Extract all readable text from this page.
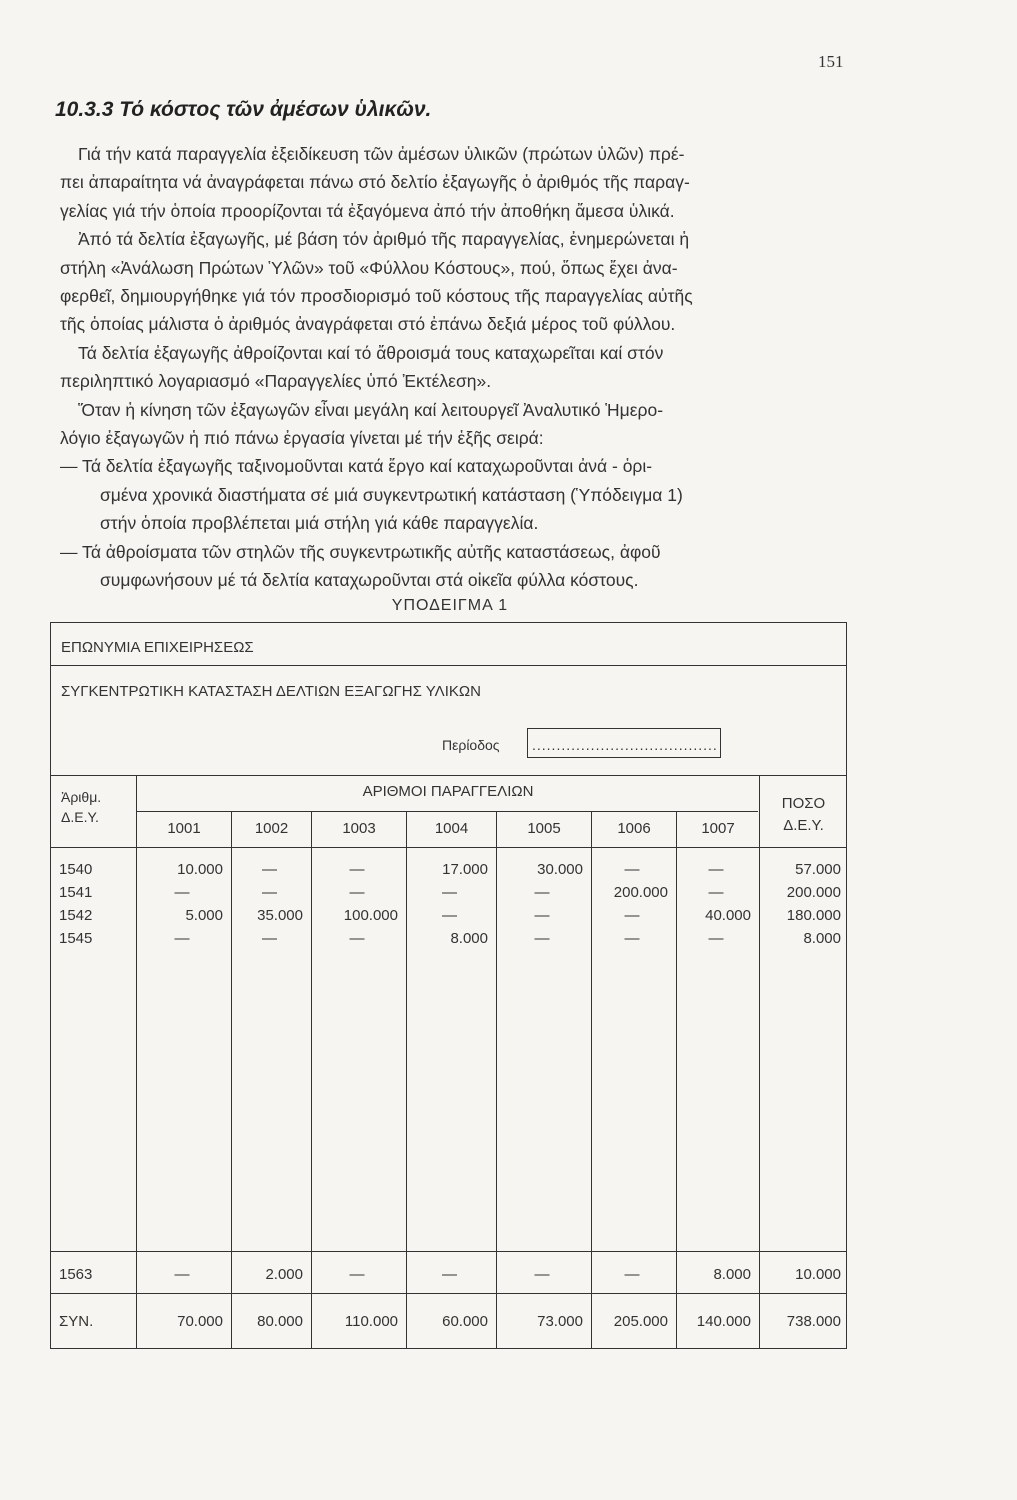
151
10.3.3 Τό κόστος τῶν ἀμέσων ὑλικῶν.

Γιά τήν κατά παραγγελία ἐξειδίκευση τῶν ἀμέσων ὑλικῶν (πρώτων ὑλῶν) πρέ-
πει ἀπαραίτητα νά ἀναγράφεται πάνω στό δελτίο ἐξαγωγῆς ὁ ἀριθμός τῆς παραγ-
γελίας γιά τήν ὁποία προορίζονται τά ἐξαγόμενα ἀπό τήν ἀποθήκη ἄμεσα ὑλικά.

Ἀπό τά δελτία ἐξαγωγῆς, μέ βάση τόν ἀριθμό τῆς παραγγελίας, ἐνημερώνεται ἡ
στήλη «Ἀνάλωση Πρώτων Ὑλῶν» τοῦ «Φύλλου Κόστους», πού, ὅπως ἔχει ἀνα-
φερθεῖ, δημιουργήθηκε γιά τόν προσδιορισμό τοῦ κόστους τῆς παραγγελίας αὐτῆς
τῆς ὁποίας μάλιστα ὁ ἀριθμός ἀναγράφεται στό ἐπάνω δεξιά μέρος τοῦ φύλλου.

Τά δελτία ἐξαγωγῆς ἀθροίζονται καί τό ἄθροισμά τους καταχωρεῖται καί στόν
περιληπτικό λογαριασμό «Παραγγελίες ὑπό Ἐκτέλεση».

Ὅταν ἡ κίνηση τῶν ἐξαγωγῶν εἶναι μεγάλη καί λειτουργεῖ Ἀναλυτικό Ἡμερο-
λόγιο ἐξαγωγῶν ἡ πιό πάνω ἐργασία γίνεται μέ τήν ἑξῆς σειρά:

— Τά δελτία ἐξαγωγῆς ταξινομοῦνται κατά ἔργο καί καταχωροῦνται ἀνά - ὁρι-
σμένα χρονικά διαστήματα σέ μιά συγκεντρωτική κατάσταση (Ὑπόδειγμα 1)
στήν ὁποία προβλέπεται μιά στήλη γιά κάθε παραγγελία.

— Τά ἀθροίσματα τῶν στηλῶν τῆς συγκεντρωτικῆς αὐτῆς καταστάσεως, ἀφοῦ
συμφωνήσουν μέ τά δελτία καταχωροῦνται στά οἰκεῖα φύλλα κόστους.

ΥΠΟΔΕΙΓΜΑ 1
ΕΠΩΝΥΜΙΑ ΕΠΙΧΕΙΡΗΣΕΩΣ
ΣΥΓΚΕΝΤΡΩΤΙΚΗ ΚΑΤΑΣΤΑΣΗ ΔΕΛΤΙΩΝ ΕΞΑΓΩΓΗΣ ΥΛΙΚΩΝ
Περίοδος	......................................
Ἀριθμ.
Δ.Ε.Υ.
ΑΡΙΘΜΟΙ ΠΑΡΑΓΓΕΛΙΩΝ
ΠΟΣΟ
Δ.Ε.Υ.
1001	1002	1003	1004	1005	1006	1007
1540	10.000	—	—	17.000	30.000	—	—	57.000
1541	—	—	—	—	—	200.000	—	200.000
1542	5.000	35.000	100.000	—	—	—	40.000	180.000
1545	—	—	—	8.000	—	—	—	8.000
1563	—	2.000	—	—	—	—	8.000	10.000
ΣΥΝ.	70.000	80.000	110.000	60.000	73.000	205.000	140.000	738.000
